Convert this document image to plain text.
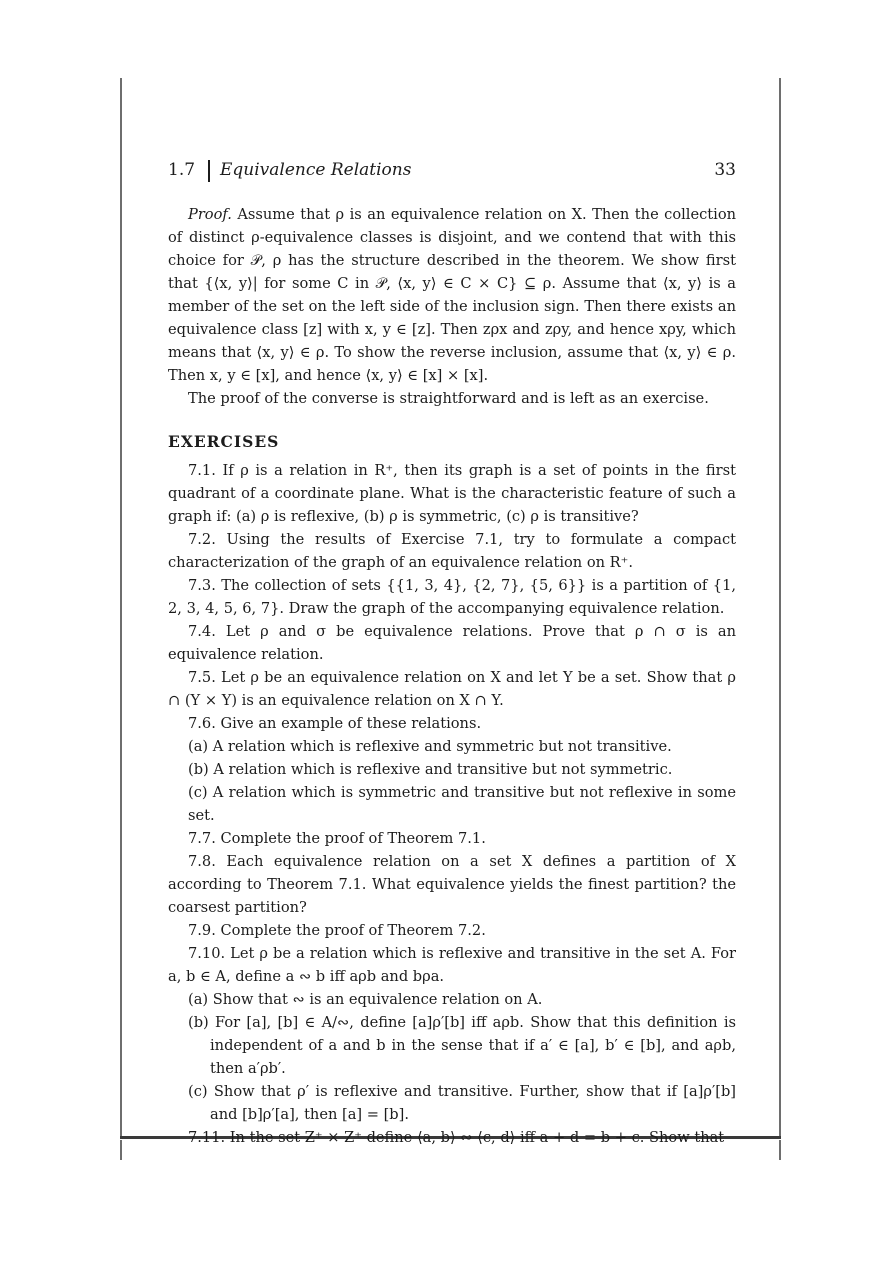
1.7 Equivalence Relations	33

Proof. Assume that ρ is an equivalence relation on X. Then the collection of distinct ρ-equivalence classes is disjoint, and we contend that with this choice for 𝒫, ρ has the structure described in the theorem. We show first that {⟨x, y⟩| for some C in 𝒫, ⟨x, y⟩ ∈ C × C} ⊆ ρ. Assume that ⟨x, y⟩ is a member of the set on the left side of the inclusion sign. Then there exists an equivalence class [z] with x, y ∈ [z]. Then zρx and zρy, and hence xρy, which means that ⟨x, y⟩ ∈ ρ. To show the reverse inclusion, assume that ⟨x, y⟩ ∈ ρ. Then x, y ∈ [x], and hence ⟨x, y⟩ ∈ [x] × [x].

The proof of the converse is straightforward and is left as an exercise.

EXERCISES

7.1. If ρ is a relation in R⁺, then its graph is a set of points in the first quadrant of a coordinate plane. What is the characteristic feature of such a graph if: (a) ρ is reflexive, (b) ρ is symmetric, (c) ρ is transitive?

7.2. Using the results of Exercise 7.1, try to formulate a compact characterization of the graph of an equivalence relation on R⁺.

7.3. The collection of sets {{1, 3, 4}, {2, 7}, {5, 6}} is a partition of {1, 2, 3, 4, 5, 6, 7}. Draw the graph of the accompanying equivalence relation.

7.4. Let ρ and σ be equivalence relations. Prove that ρ ∩ σ is an equivalence relation.

7.5. Let ρ be an equivalence relation on X and let Y be a set. Show that ρ ∩ (Y × Y) is an equivalence relation on X ∩ Y.

7.6. Give an example of these relations.

(a) A relation which is reflexive and symmetric but not transitive.

(b) A relation which is reflexive and transitive but not symmetric.

(c) A relation which is symmetric and transitive but not reflexive in some set.

7.7. Complete the proof of Theorem 7.1.

7.8. Each equivalence relation on a set X defines a partition of X according to Theorem 7.1. What equivalence yields the finest partition? the coarsest partition?

7.9. Complete the proof of Theorem 7.2.

7.10. Let ρ be a relation which is reflexive and transitive in the set A. For a, b ∈ A, define a ∾ b iff aρb and bρa.

(a) Show that ∾ is an equivalence relation on A.

(b) For [a], [b] ∈ A/∾, define [a]ρ′[b] iff aρb. Show that this definition is independent of a and b in the sense that if a′ ∈ [a], b′ ∈ [b], and aρb, then a′ρb′.

(c) Show that ρ′ is reflexive and transitive. Further, show that if [a]ρ′[b] and [b]ρ′[a], then [a] = [b].

7.11. In the set Z⁺ × Z⁺ define ⟨a, b⟩ ∾ ⟨c, d⟩ iff a + d = b + c. Show that
